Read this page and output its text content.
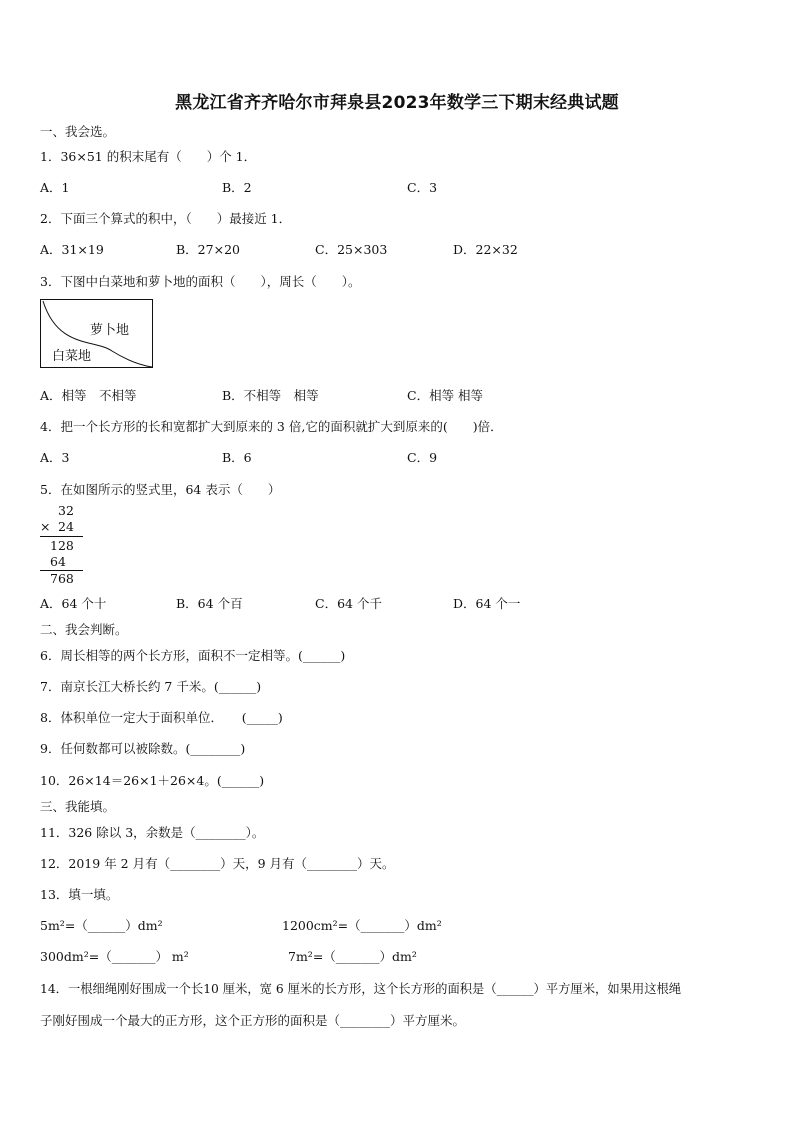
黑龙江省齐齐哈尔市拜泉县2023年数学三下期末经典试题
一、我会选。
1．36×51 的积末尾有（　　）个 1．
A．1	B．2	C．3
2．下面三个算式的积中，（　　）最接近 1．
A．31×19	B．27×20	C．25×303	D．22×32
3．下图中白菜地和萝卜地的面积（　　），周长（　　）。
萝卜地
白菜地
A．相等　不相等	B．不相等　相等	C．相等 相等
4．把一个长方形的长和宽都扩大到原来的 3 倍,它的面积就扩大到原来的(　　)倍．
A．3	B．6	C．9
5．在如图所示的竖式里，64 表示（　　）
32
× 24
128
64
768
A．64 个十	B．64 个百	C．64 个千	D．64 个一
二、我会判断。
6．周长相等的两个长方形，面积不一定相等。(______)
7．南京长江大桥长约 7 千米。(______)
8．体积单位一定大于面积单位．　　(_____)
9．任何数都可以被除数。(________)
10．26×14＝26×1＋26×4。(______)
三、我能填。
11．326 除以 3，余数是（________）。
12．2019 年 2 月有（________）天，9 月有（________）天。
13．填一填。
5m²=（______）dm²	1200cm²=（_______）dm²
300dm²=（_______） m²	7m²=（_______）dm²
14．一根细绳刚好围成一个长10 厘米，宽 6 厘米的长方形，这个长方形的面积是（______）平方厘米，如果用这根绳
子刚好围成一个最大的正方形，这个正方形的面积是（________）平方厘米。
